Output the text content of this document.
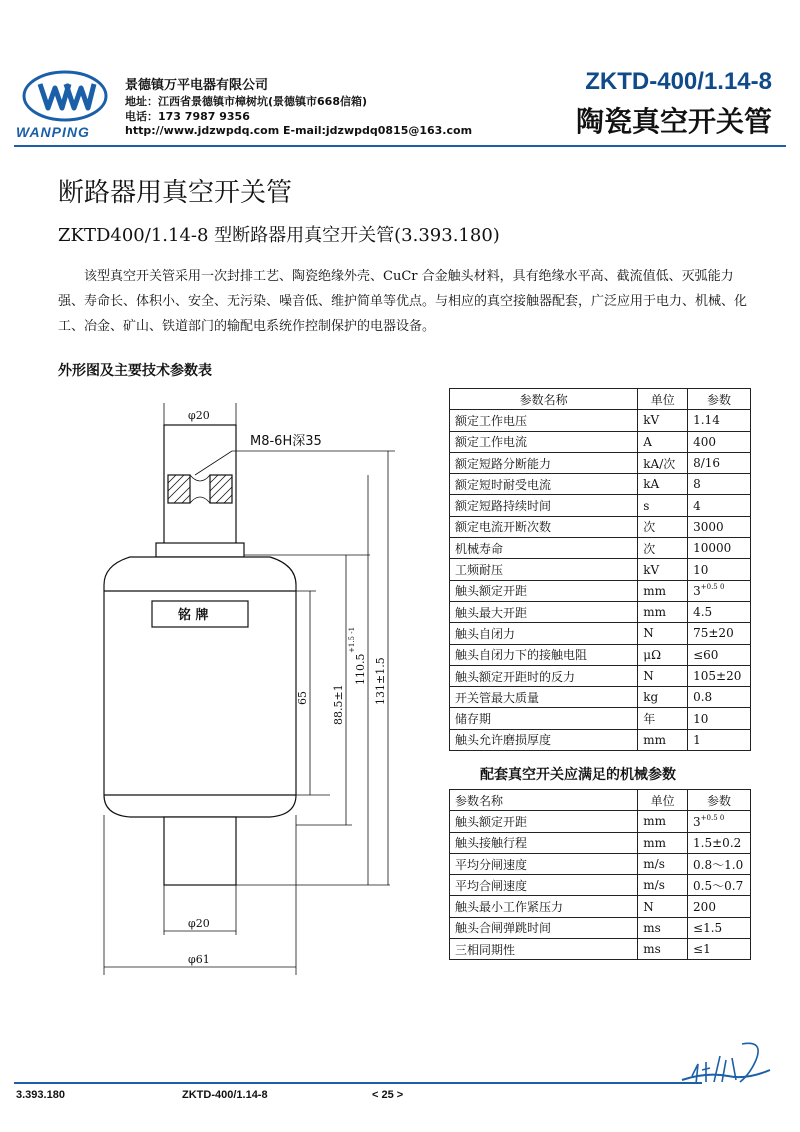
WANPING
景德镇万平电器有限公司
地址：江西省景德镇市樟树坑(景德镇市668信箱)
电话：173 7987 9356
http://www.jdzwpdq.com E-mail:jdzwpdq0815@163.com
ZKTD-400/1.14-8
陶瓷真空开关管
断路器用真空开关管
ZKTD400/1.14-8 型断路器用真空开关管(3.393.180)
该型真空开关管采用一次封排工艺、陶瓷绝缘外壳、CuCr 合金触头材料，具有绝缘水平高、截流值低、灭弧能力强、寿命长、体积小、安全、无污染、噪音低、维护简单等优点。与相应的真空接触器配套，广泛应用于电力、机械、化工、冶金、矿山、铁道部门的输配电系统作控制保护的电器设备。
外形图及主要技术参数表
φ20
M8-6H深35
铭 牌
65 88.5±1
110.5
+1.5 -1
131±1.5
φ20
φ61
参数名称	单位	参数
额定工作电压	kV	1.14
额定工作电流	A	400
额定短路分断能力	kA/次	8/16
额定短时耐受电流	kA	8
额定短路持续时间	s	4
额定电流开断次数	次	3000
机械寿命	次	10000
工频耐压	kV	10
触头额定开距	mm	$3^{+0.5 0}$
触头最大开距	mm	4.5
触头自闭力	N	75±20
触头自闭力下的接触电阻	μΩ	≤60
触头额定开距时的反力	N	105±20
开关管最大质量	kg	0.8
储存期	年	10
触头允许磨损厚度	mm	1
配套真空开关应满足的机械参数
参数名称	单位	参数
触头额定开距	mm	$3^{+0.5 0}$
触头接触行程	mm	1.5±0.2
平均分闸速度	m/s	0.8～1.0
平均合闸速度	m/s	0.5～0.7
触头最小工作紧压力	N	200
触头合闸弹跳时间	ms	≤1.5
三相同期性	ms	≤1
3.393.180	ZKTD-400/1.14-8	< 25 >
